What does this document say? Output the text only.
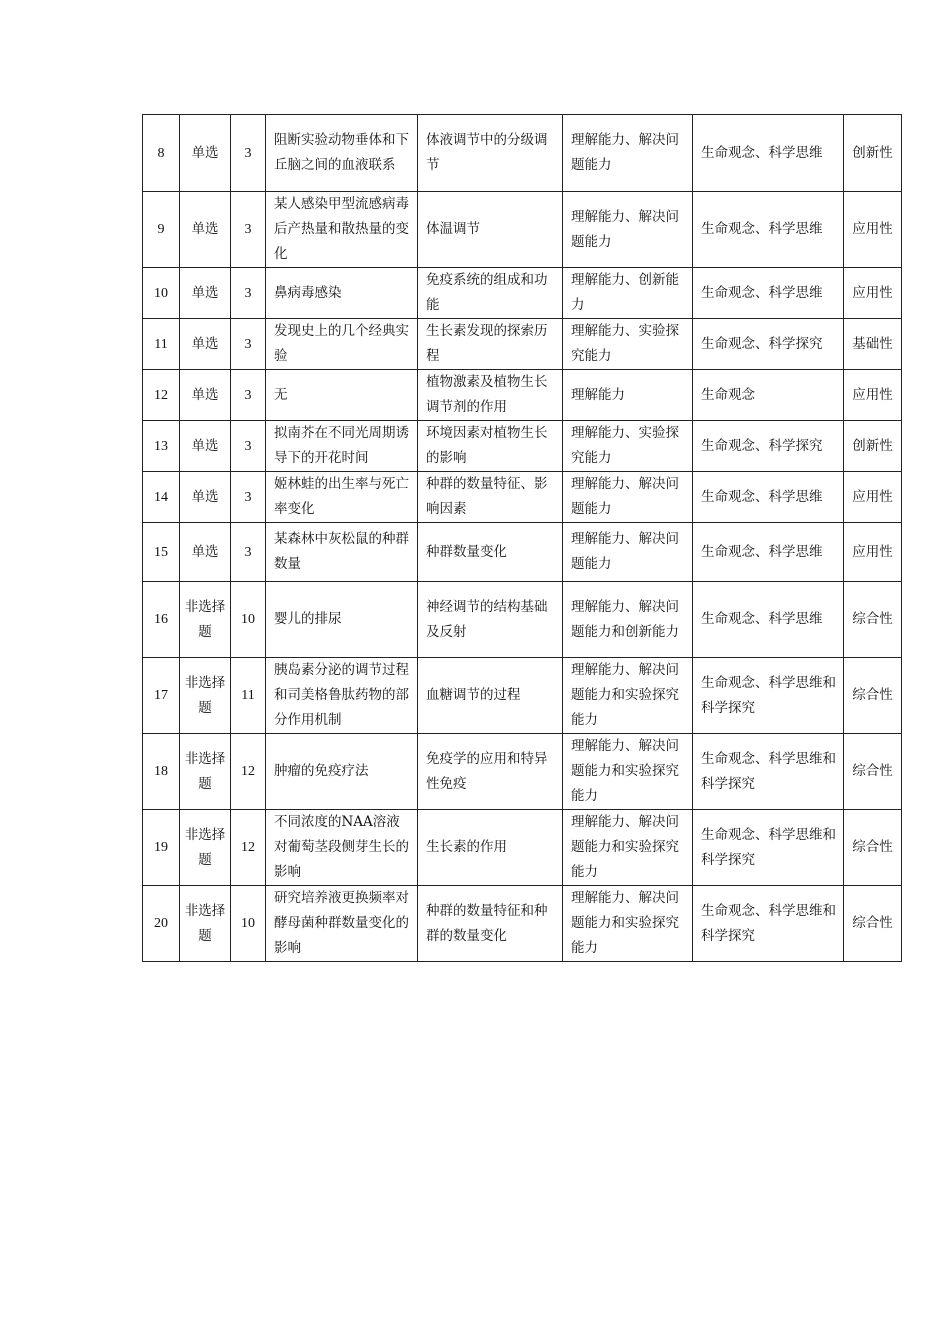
8	单选	3	阻断实验动物垂体和下丘脑之间的血液联系	体液调节中的分级调节	理解能力、解决问题能力	生命观念、科学思维	创新性
9	单选	3	某人感染甲型流感病毒后产热量和散热量的变化	体温调节	理解能力、解决问题能力	生命观念、科学思维	应用性
10	单选	3	鼻病毒感染	免疫系统的组成和功能	理解能力、创新能力	生命观念、科学思维	应用性
11	单选	3	发现史上的几个经典实验	生长素发现的探索历程	理解能力、实验探究能力	生命观念、科学探究	基础性
12	单选	3	无	植物激素及植物生长调节剂的作用	理解能力	生命观念	应用性
13	单选	3	拟南芥在不同光周期诱导下的开花时间	环境因素对植物生长的影响	理解能力、实验探究能力	生命观念、科学探究	创新性
14	单选	3	姬林蛙的出生率与死亡率变化	种群的数量特征、影响因素	理解能力、解决问题能力	生命观念、科学思维	应用性
15	单选	3	某森林中灰松鼠的种群数量	种群数量变化	理解能力、解决问题能力	生命观念、科学思维	应用性
16	非选择题	10	婴儿的排尿	神经调节的结构基础及反射	理解能力、解决问题能力和创新能力	生命观念、科学思维	综合性
17	非选择题	11	胰岛素分泌的调节过程和司美格鲁肽药物的部分作用机制	血糖调节的过程	理解能力、解决问题能力和实验探究能力	生命观念、科学思维和科学探究	综合性
18	非选择题	12	肿瘤的免疫疗法	免疫学的应用和特异性免疫	理解能力、解决问题能力和实验探究能力	生命观念、科学思维和科学探究	综合性
19	非选择题	12	不同浓度的NAA溶液对葡萄茎段侧芽生长的影响	生长素的作用	理解能力、解决问题能力和实验探究能力	生命观念、科学思维和科学探究	综合性
20	非选择题	10	研究培养液更换频率对酵母菌种群数量变化的影响	种群的数量特征和种群的数量变化	理解能力、解决问题能力和实验探究能力	生命观念、科学思维和科学探究	综合性
